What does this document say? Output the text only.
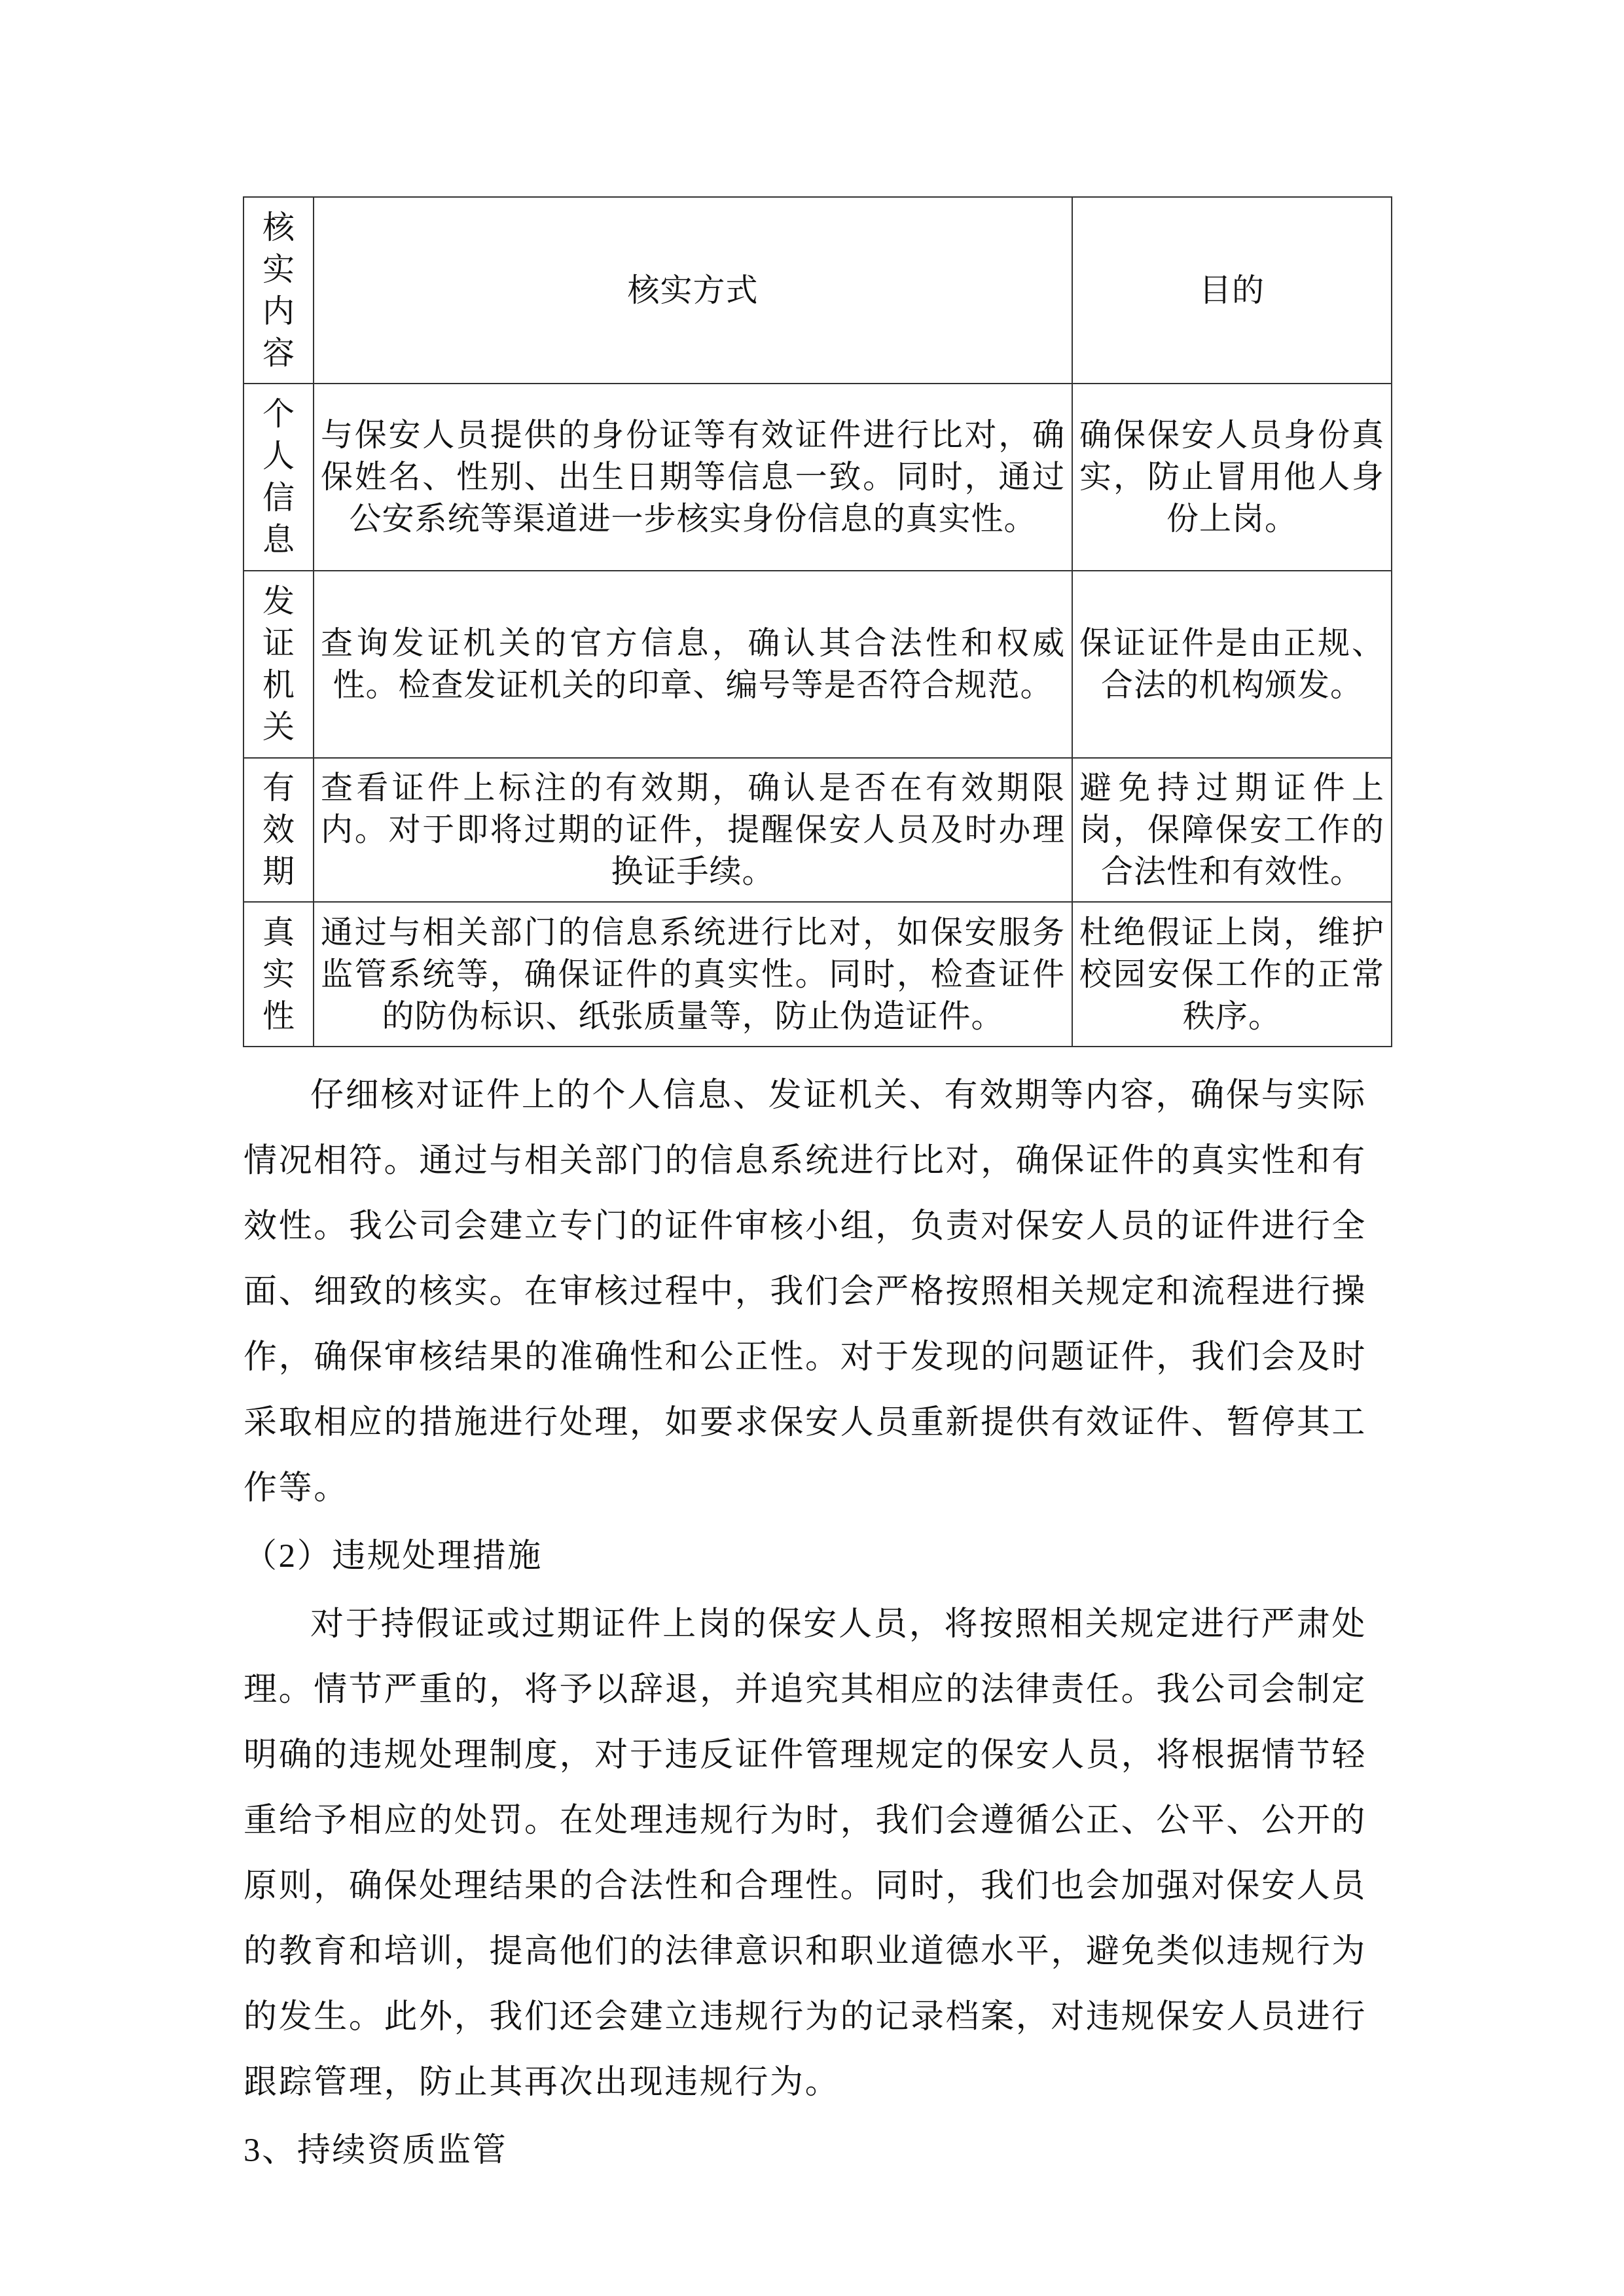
核实内容	核实方式	目的

个人信息	与保安人员提供的身份证等有效证件进行比对，确保姓名、性别、出生日期等信息一致。同时，通过公安系统等渠道进一步核实身份信息的真实性。	确保保安人员身份真实，防止冒用他人身份上岗。

发证机关	查询发证机关的官方信息，确认其合法性和权威性。检查发证机关的印章、编号等是否符合规范。	保证证件是由正规、合法的机构颁发。

有效期	查看证件上标注的有效期，确认是否在有效期限内。对于即将过期的证件，提醒保安人员及时办理换证手续。	避免持过期证件上岗，保障保安工作的合法性和有效性。

真实性	通过与相关部门的信息系统进行比对，如保安服务监管系统等，确保证件的真实性。同时，检查证件的防伪标识、纸张质量等，防止伪造证件。	杜绝假证上岗，维护校园安保工作的正常秩序。

仔细核对证件上的个人信息、发证机关、有效期等内容，确保与实际情况相符。通过与相关部门的信息系统进行比对，确保证件的真实性和有效性。我公司会建立专门的证件审核小组，负责对保安人员的证件进行全面、细致的核实。在审核过程中，我们会严格按照相关规定和流程进行操作，确保审核结果的准确性和公正性。对于发现的问题证件，我们会及时采取相应的措施进行处理，如要求保安人员重新提供有效证件、暂停其工作等。

（2）违规处理措施

对于持假证或过期证件上岗的保安人员，将按照相关规定进行严肃处理。情节严重的，将予以辞退，并追究其相应的法律责任。我公司会制定明确的违规处理制度，对于违反证件管理规定的保安人员，将根据情节轻重给予相应的处罚。在处理违规行为时，我们会遵循公正、公平、公开的原则，确保处理结果的合法性和合理性。同时，我们也会加强对保安人员的教育和培训，提高他们的法律意识和职业道德水平，避免类似违规行为的发生。此外，我们还会建立违规行为的记录档案，对违规保安人员进行跟踪管理，防止其再次出现违规行为。

3、持续资质监管
